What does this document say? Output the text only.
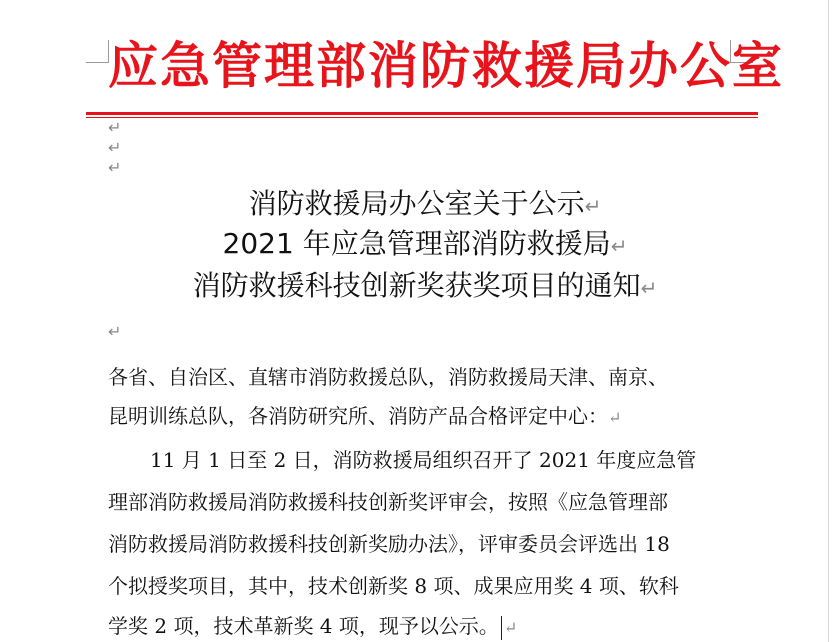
应急管理部消防救援局办公室
↵
↵
↵
消防救援局办公室关于公示↵
2021 年应急管理部消防救援局↵
消防救援科技创新奖获奖项目的通知↵
↵
各省、自治区、直辖市消防救援总队，消防救援局天津、南京、
昆明训练总队，各消防研究所、消防产品合格评定中心：↵
11 月 1 日至 2 日，消防救援局组织召开了 2021 年度应急管
理部消防救援局消防救援科技创新奖评审会，按照《应急管理部
消防救援局消防救援科技创新奖励办法》，评审委员会评选出 18
个拟授奖项目，其中，技术创新奖 8 项、成果应用奖 4 项、软科
学奖 2 项，技术革新奖 4 项，现予以公示。 ↵
